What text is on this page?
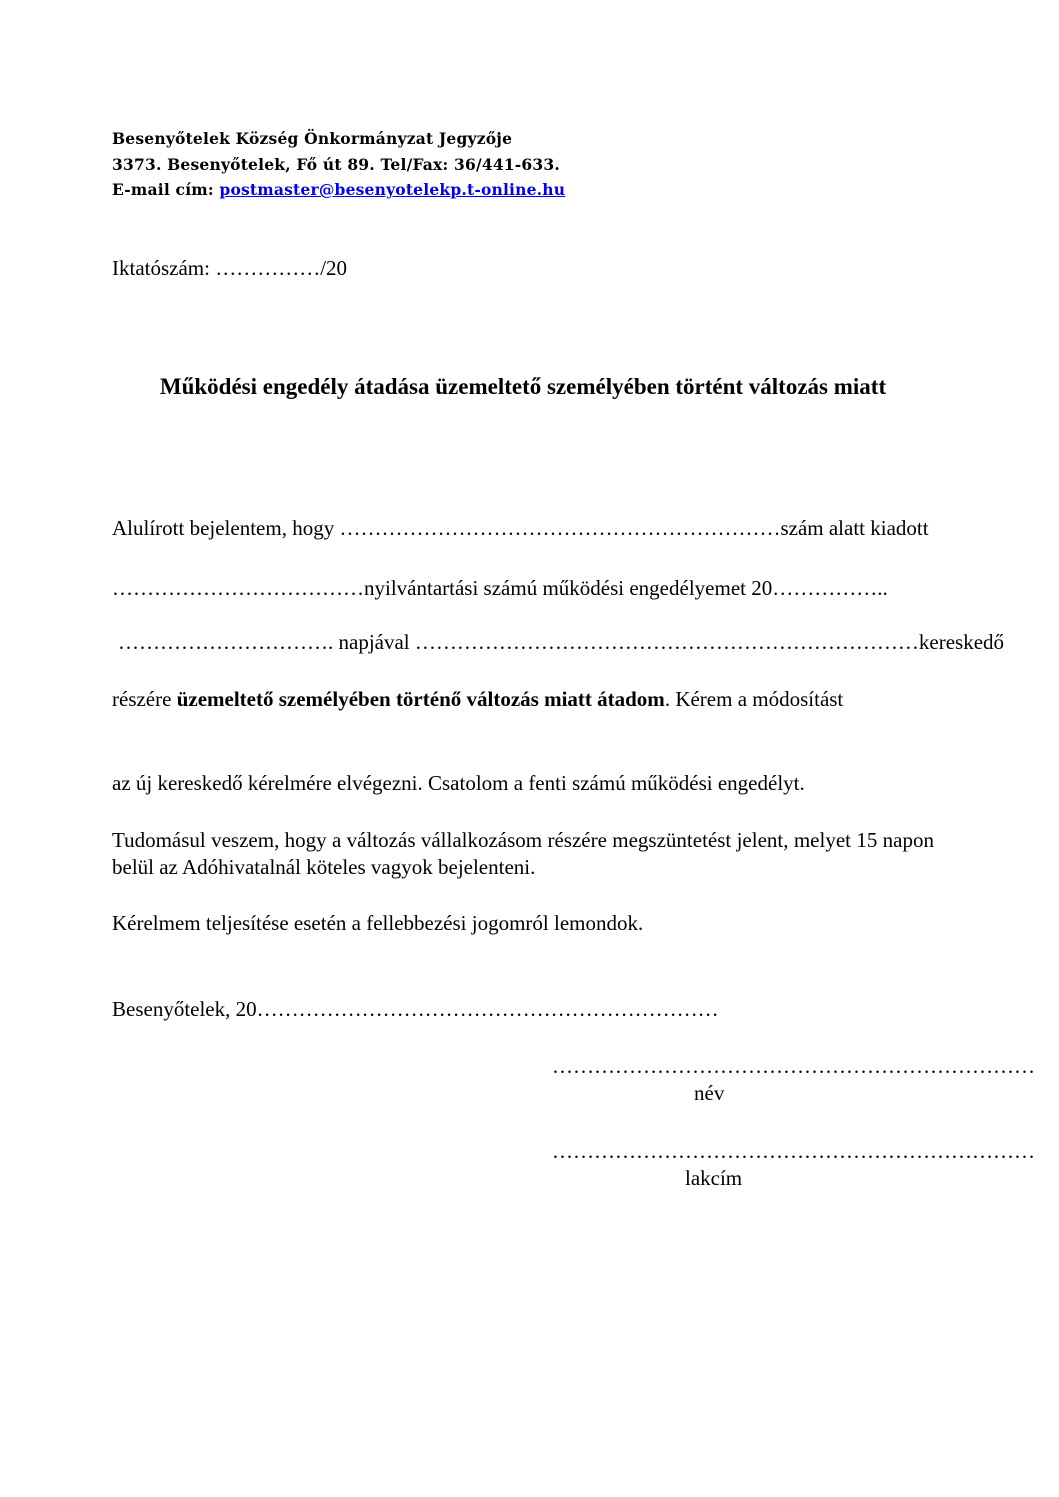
Besenyőtelek Község Önkormányzat Jegyzője
3373. Besenyőtelek, Fő út 89. Tel/Fax: 36/441-633.
E-mail cím: postmaster@besenyotelekp.t-online.hu
Iktatószám: ……………/20
Működési engedély átadása üzemeltető személyében történt változás miatt
Alulírott bejelentem, hogy ………………………………………………………szám alatt kiadott
………………………………nyilvántartási számú működési engedélyemet 20……………..
…………………………. napjával ………………………………………………………………kereskedő
részére üzemeltető személyében történő változás miatt átadom. Kérem a módosítást
az új kereskedő kérelmére elvégezni. Csatolom a fenti számú működési engedélyt.
Tudomásul veszem, hogy a változás vállalkozásom részére megszüntetést jelent, melyet 15 napon belül az Adóhivatalnál köteles vagyok bejelenteni.
Kérelmem teljesítése esetén a fellebbezési jogomról lemondok.
Besenyőtelek, 20…………………………………………………………
……………………………………………………………
név
……………………………………………………………
lakcím
